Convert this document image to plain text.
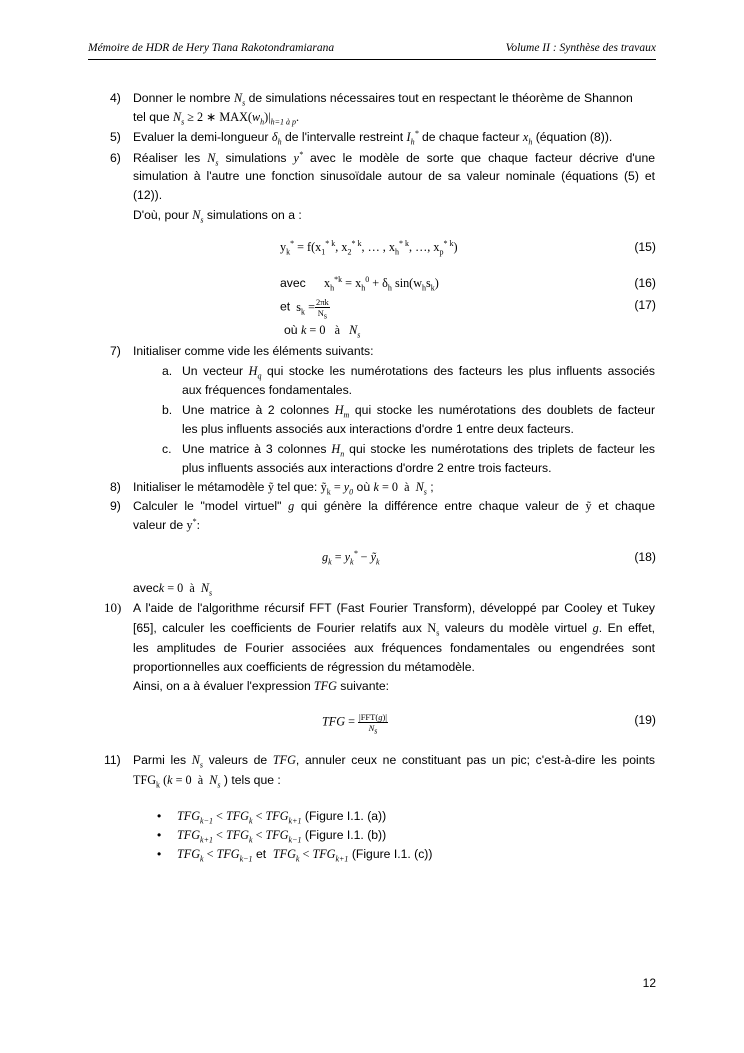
Mémoire de HDR de Hery Tiana Rakotondramiarana	Volume II : Synthèse des travaux
4) Donner le nombre $N_s$ de simulations nécessaires tout en respectant le théorème de Shannon
tel que $N_s \ge 2$ ∗ $MAX(w_h)|_{h=1 à p}$.
5) Evaluer la demi-longueur $\delta_h$ de l'intervalle restreint $I_h^*$ de chaque facteur $x_h$ (équation (8)).
6) Réaliser les $N_s$ simulations y* avec le modèle de sorte que chaque facteur décrive d'une
simulation à l'autre une fonction sinusoïdale autour de sa valeur nominale (équations (5) et
(12)).
D'où, pour $N_s$ simulations on a :
$y_k^* = f(x_1^{* k}$, $x_2^{* k}$, … , $x_h^{* k}$, …, $x_p^{* k}$)	(15)
avec      $x_h^{*k} = x_h^0 + \delta_h$ $\sin(w_hs_k)$	(16)
et  $s_k = \frac{2\pi k}{N_s}$	(17)
où k = 0   à   $N_s$
7) Initialiser comme vide les éléments suivants:
a. Un vecteur $H_q$ qui stocke les numérotations des facteurs les plus influents associés
aux fréquences fondamentales.
b. Une matrice à 2 colonnes $H_m$ qui stocke les numérotations des doublets de facteur
les plus influents associés aux interactions d'ordre 1 entre deux facteurs.
c. Une matrice à 3 colonnes $H_n$ qui stocke les numérotations des triplets de facteur les
plus influents associés aux interactions d'ordre 2 entre trois facteurs.
8) Initialiser le métamodèle ỹ tel que: ỹ$_k$ = $y_0$ où k = 0  à  $N_s$ ;
9) Calculer le "model virtuel" g qui génère la différence entre chaque valeur de ỹ et chaque
valeur de y*:
$g_k = y_k^*$ − ỹ$_k$	(18)
aveck = 0  à  $N_s$
10) A l'aide de l'algorithme récursif FFT (Fast Fourier Transform), développé par Cooley et Tukey
[65], calculer les coefficients de Fourier relatifs aux $N_s$ valeurs du modèle virtuel g. En effet,
les amplitudes de Fourier associées aux fréquences fondamentales ou engendrées sont
proportionnelles aux coefficients de régression du métamodèle.
Ainsi, on a à évaluer l'expression TFG suivante:
TFG = $\frac{\text{|FFT(g)|}}{N_s}$	(19)
11) Parmi les $N_s$ valeurs de TFG, annuler ceux ne constituant pas un pic; c'est-à-dire les points
$TFG_k$ (k = 0  à  $N_s$ ) tels que :
• $TFG_{k-1} < TFG_k < TFG_{k+1}$ (Figure I.1. (a))
• $TFG_{k+1} < TFG_k < TFG_{k-1}$ (Figure I.1. (b))
• $TFG_k < TFG_{k-1}$ et $TFG_k < TFG_{k+1}$ (Figure I.1. (c))
12
